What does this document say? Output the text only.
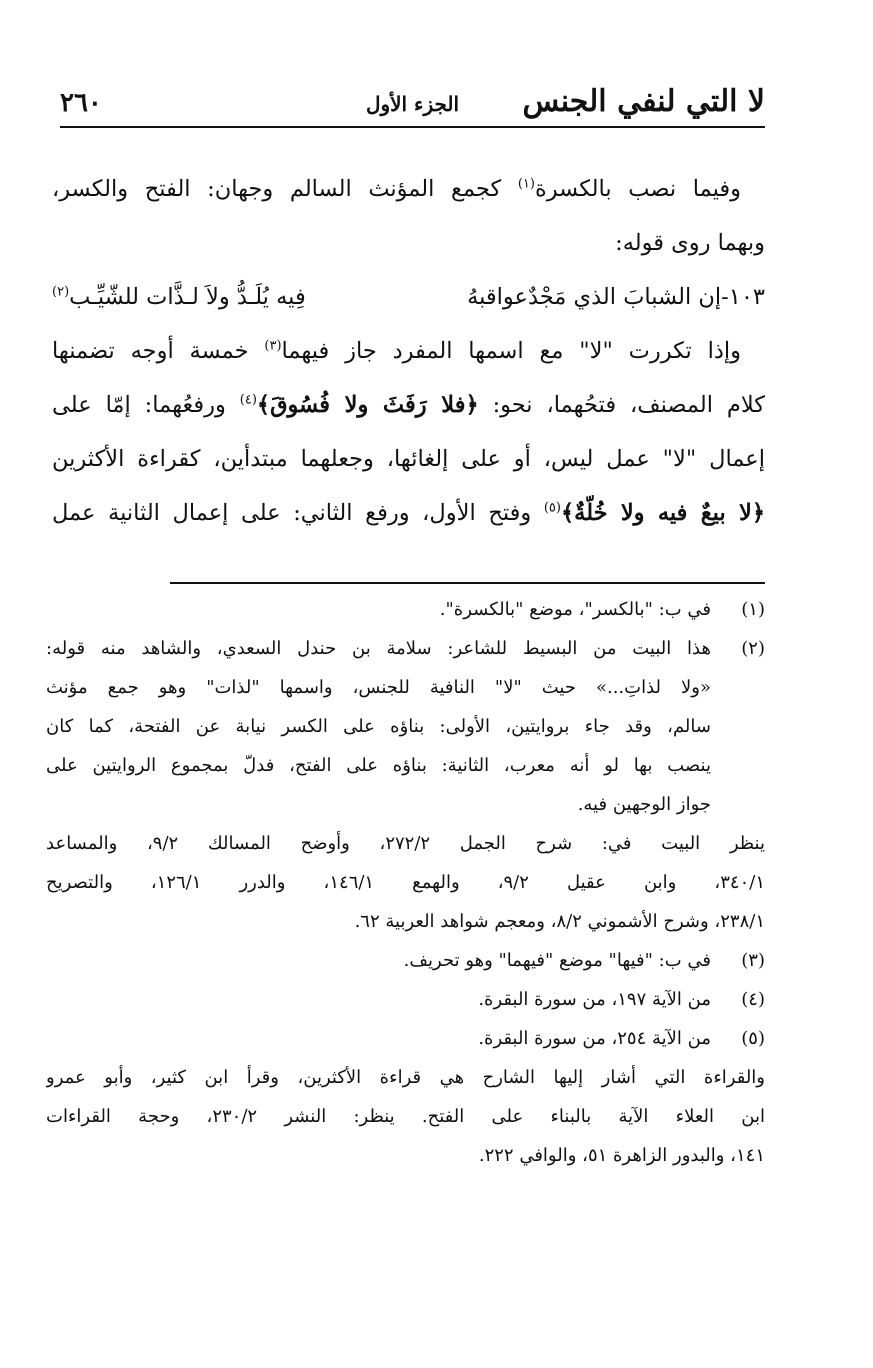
لا التي لنفي الجنس
الجزء الأول
٢٦٠
وفيما نصب بالكسرة$^{(١)}$ كجمع المؤنث السالم وجهان: الفتح والكسر،
وبهما روى قوله:
١٠٣-إن الشبابَ الذي مَجْدٌعواقبهُ
فِيه يُلَـدُّ ولاَ لـذَّات للشّيِّـب$^{(٢)}$
وإذا تكررت "لا" مع اسمها المفرد جاز فيهما$^{(٣)}$ خمسة أوجه تضمنها
كلام المصنف، فتحُهما، نحو: ﴿فلا رَفَثَ ولا فُسُوقَ﴾$^{(٤)}$ ورفعُهما: إمّا على
إعمال "لا" عمل ليس، أو على إلغائها، وجعلهما مبتدأين، كقراءة الأكثرين
﴿لا بيعٌ فيه ولا خُلّةٌ﴾$^{(٥)}$ وفتح الأول، ورفع الثاني: على إعمال الثانية عمل
(١)
في ب: "بالكسر"، موضع "بالكسرة".
(٢)
هذا البيت من البسيط للشاعر: سلامة بن حندل السعدي، والشاهد منه قوله:
«ولا لذاتِ...» حيث "لا" النافية للجنس، واسمها "لذات" وهو جمع مؤنث
سالم، وقد جاء بروايتين، الأولى: بناؤه على الكسر نيابة عن الفتحة، كما كان
ينصب بها لو أنه معرب، الثانية: بناؤه على الفتح، فدلّ بمجموع الروايتين على
جواز الوجهين فيه.
ينظر البيت في: شرح الجمل ٢٧٢/٢، وأوضح المسالك ٩/٢، والمساعد
٣٤٠/١، وابن عقيل ٩/٢، والهمع ١٤٦/١، والدرر ١٢٦/١، والتصريح
٢٣٨/١، وشرح الأشموني ٨/٢، ومعجم شواهد العربية ٦٢.
(٣)
في ب: "فيها" موضع "فيهما" وهو تحريف.
(٤)
من الآية ١٩٧، من سورة البقرة.
(٥)
من الآية ٢٥٤، من سورة البقرة.
والقراءة التي أشار إليها الشارح هي قراءة الأكثرين، وقرأ ابن كثير، وأبو عمرو
ابن العلاء الآية بالبناء على الفتح. ينظر: النشر ٢٣٠/٢، وحجة القراءات
١٤١، والبدور الزاهرة ٥١، والوافي ٢٢٢.
